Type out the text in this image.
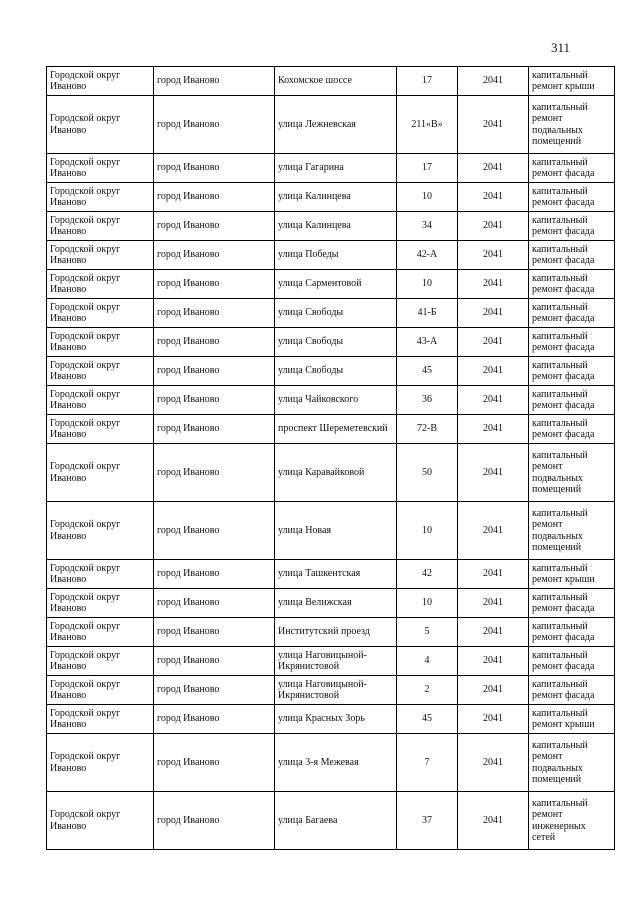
311
Городской округ Иваново	город Иваново	Кохомское шоссе	17	2041	капитальный ремонт крыши
Городской округ Иваново	город Иваново	улица Лежневская	211«В»	2041	капитальный ремонт подвальных помещений
Городской округ Иваново	город Иваново	улица Гагарина	17	2041	капитальный ремонт фасада
Городской округ Иваново	город Иваново	улица Калинцева	10	2041	капитальный ремонт фасада
Городской округ Иваново	город Иваново	улица Калинцева	34	2041	капитальный ремонт фасада
Городской округ Иваново	город Иваново	улица Победы	42-А	2041	капитальный ремонт фасада
Городской округ Иваново	город Иваново	улица Сарментовой	10	2041	капитальный ремонт фасада
Городской округ Иваново	город Иваново	улица Свободы	41-Б	2041	капитальный ремонт фасада
Городской округ Иваново	город Иваново	улица Свободы	43-А	2041	капитальный ремонт фасада
Городской округ Иваново	город Иваново	улица Свободы	45	2041	капитальный ремонт фасада
Городской округ Иваново	город Иваново	улица Чайковского	36	2041	капитальный ремонт фасада
Городской округ Иваново	город Иваново	проспект Шереметевский	72-В	2041	капитальный ремонт фасада
Городской округ Иваново	город Иваново	улица Каравайковой	50	2041	капитальный ремонт подвальных помещений
Городской округ Иваново	город Иваново	улица Новая	10	2041	капитальный ремонт подвальных помещений
Городской округ Иваново	город Иваново	улица Ташкентская	42	2041	капитальный ремонт крыши
Городской округ Иваново	город Иваново	улица Велижская	10	2041	капитальный ремонт фасада
Городской округ Иваново	город Иваново	Институтский проезд	5	2041	капитальный ремонт фасада
Городской округ Иваново	город Иваново	улица Наговицыной-Икрянистовой	4	2041	капитальный ремонт фасада
Городской округ Иваново	город Иваново	улица Наговицыной-Икрянистовой	2	2041	капитальный ремонт фасада
Городской округ Иваново	город Иваново	улица Красных Зорь	45	2041	капитальный ремонт крыши
Городской округ Иваново	город Иваново	улица 3-я Межевая	7	2041	капитальный ремонт подвальных помещений
Городской округ Иваново	город Иваново	улица Багаева	37	2041	капитальный ремонт инженерных сетей
